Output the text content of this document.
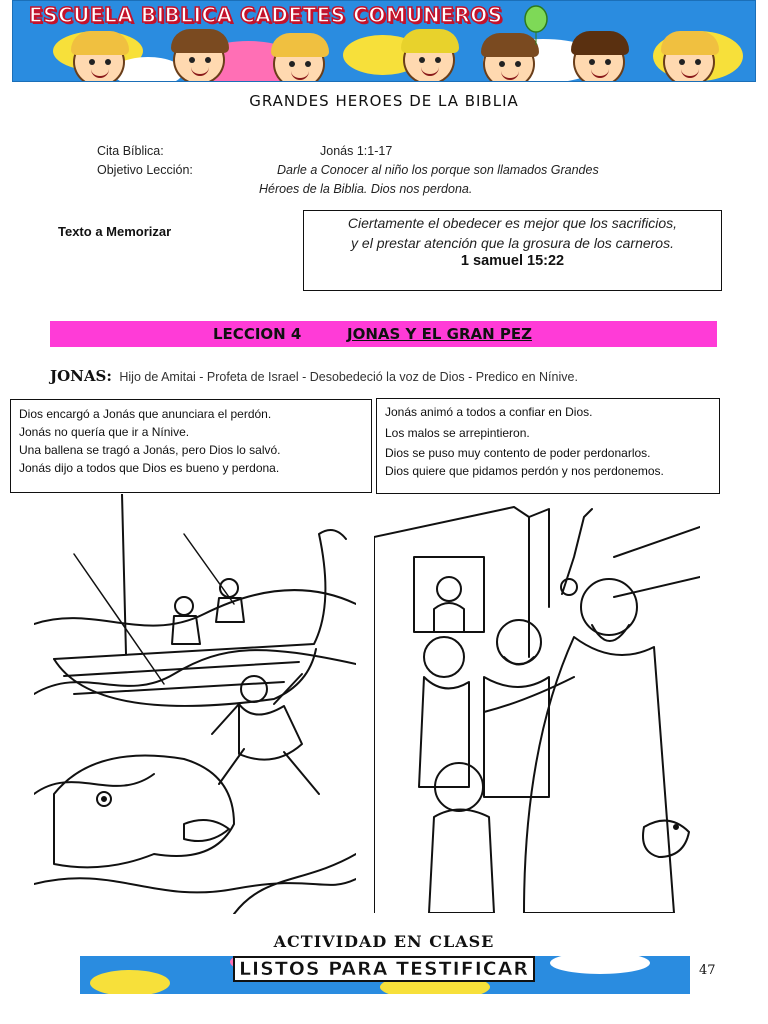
ESCUELA BIBLICA CADETES COMUNEROS
GRANDES HEROES DE LA BIBLIA
Cita Bíblica:	Jonás 1:1-17
Objetivo Lección:	Darle a Conocer al niño los porque son llamados Grandes
Héroes de la Biblia. Dios nos perdona.
Texto a Memorizar
Ciertamente el obedecer es mejor que los sacrificios,
y el prestar atención que la grosura de los carneros.
1 samuel 15:22
LECCION 4	JONAS Y EL GRAN PEZ
JONAS: Hijo de Amitai - Profeta de Israel - Desobedeció la voz de Dios - Predico en Nínive.
Dios encargó a Jonás que anunciara el perdón.
Jonás no quería que ir a Nínive.
Una ballena se tragó a Jonás, pero Dios lo salvó.
Jonás dijo a todos que Dios es bueno y perdona.
Jonás animó a todos a confiar en Dios.
Los malos se arrepintieron.
Dios se puso muy contento de poder perdonarlos.
Dios quiere que pidamos perdón y nos perdonemos.
ACTIVIDAD EN CLASE
LISTOS PARA TESTIFICAR	47
